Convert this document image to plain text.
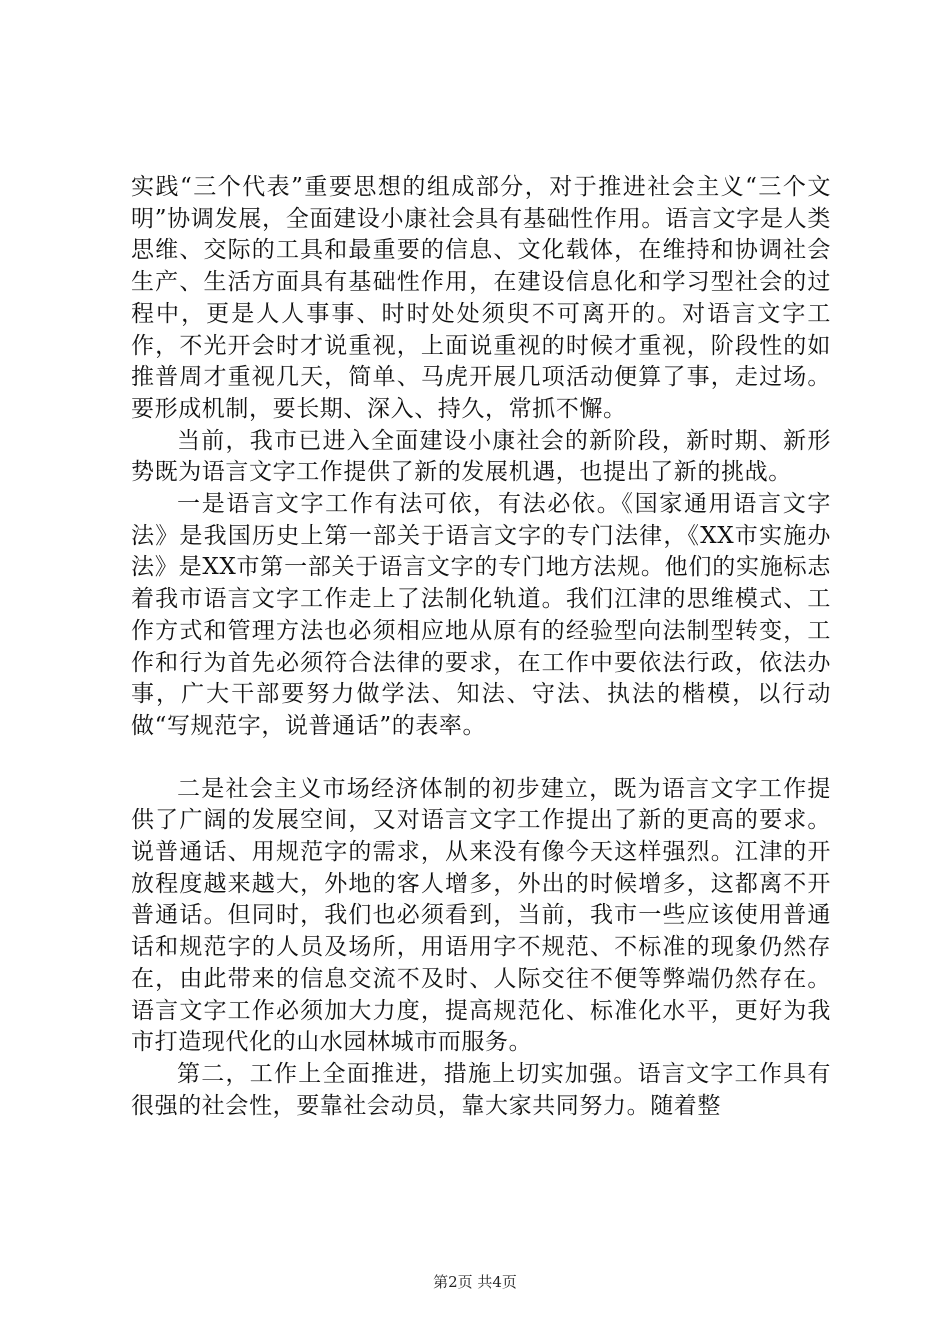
实践“三个代表”重要思想的组成部分，对于推进社会主义“三个文明”协调发展，全面建设小康社会具有基础性作用。语言文字是人类思维、交际的工具和最重要的信息、文化载体，在维持和协调社会生产、生活方面具有基础性作用，在建设信息化和学习型社会的过程中，更是人人事事、时时处处须臾不可离开的。对语言文字工作，不光开会时才说重视，上面说重视的时候才重视，阶段性的如推普周才重视几天，简单、马虎开展几项活动便算了事，走过场。要形成机制，要长期、深入、持久，常抓不懈。

当前，我市已进入全面建设小康社会的新阶段，新时期、新形势既为语言文字工作提供了新的发展机遇，也提出了新的挑战。

一是语言文字工作有法可依，有法必依。《国家通用语言文字法》是我国历史上第一部关于语言文字的专门法律，《XX市实施办法》是XX市第一部关于语言文字的专门地方法规。他们的实施标志着我市语言文字工作走上了法制化轨道。我们江津的思维模式、工作方式和管理方法也必须相应地从原有的经验型向法制型转变，工作和行为首先必须符合法律的要求，在工作中要依法行政，依法办事，广大干部要努力做学法、知法、守法、执法的楷模，以行动做“写规范字，说普通话”的表率。

二是社会主义市场经济体制的初步建立，既为语言文字工作提供了广阔的发展空间，又对语言文字工作提出了新的更高的要求。说普通话、用规范字的需求，从来没有像今天这样强烈。江津的开放程度越来越大，外地的客人增多，外出的时候增多，这都离不开普通话。但同时，我们也必须看到，当前，我市一些应该使用普通话和规范字的人员及场所，用语用字不规范、不标准的现象仍然存在，由此带来的信息交流不及时、人际交往不便等弊端仍然存在。语言文字工作必须加大力度，提高规范化、标准化水平，更好为我市打造现代化的山水园林城市而服务。

第二，工作上全面推进，措施上切实加强。语言文字工作具有很强的社会性，要靠社会动员，靠大家共同努力。随着整

第2页 共4页
